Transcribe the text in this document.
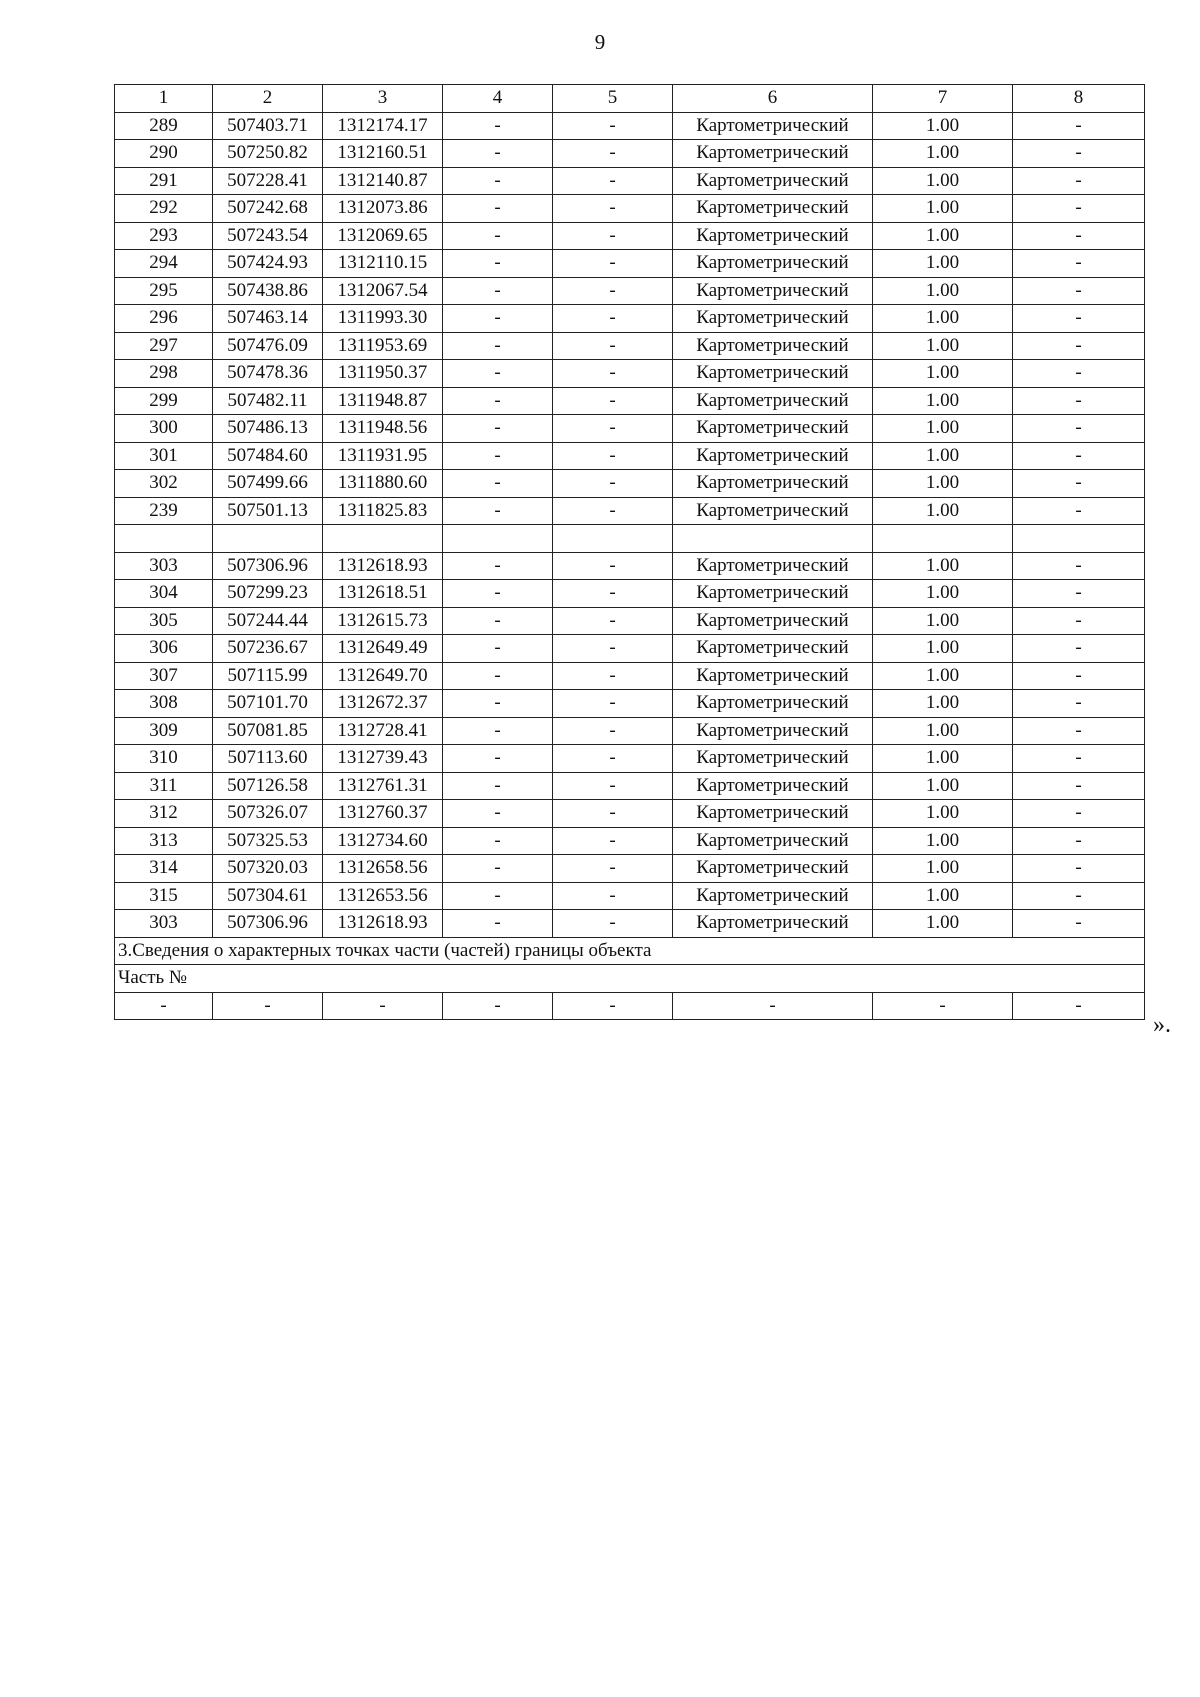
9
1	2	3	4	5	6	7	8
289	507403.71	1312174.17	-	-	Картометрический	1.00	-
290	507250.82	1312160.51	-	-	Картометрический	1.00	-
291	507228.41	1312140.87	-	-	Картометрический	1.00	-
292	507242.68	1312073.86	-	-	Картометрический	1.00	-
293	507243.54	1312069.65	-	-	Картометрический	1.00	-
294	507424.93	1312110.15	-	-	Картометрический	1.00	-
295	507438.86	1312067.54	-	-	Картометрический	1.00	-
296	507463.14	1311993.30	-	-	Картометрический	1.00	-
297	507476.09	1311953.69	-	-	Картометрический	1.00	-
298	507478.36	1311950.37	-	-	Картометрический	1.00	-
299	507482.11	1311948.87	-	-	Картометрический	1.00	-
300	507486.13	1311948.56	-	-	Картометрический	1.00	-
301	507484.60	1311931.95	-	-	Картометрический	1.00	-
302	507499.66	1311880.60	-	-	Картометрический	1.00	-
239	507501.13	1311825.83	-	-	Картометрический	1.00	-

303	507306.96	1312618.93	-	-	Картометрический	1.00	-
304	507299.23	1312618.51	-	-	Картометрический	1.00	-
305	507244.44	1312615.73	-	-	Картометрический	1.00	-
306	507236.67	1312649.49	-	-	Картометрический	1.00	-
307	507115.99	1312649.70	-	-	Картометрический	1.00	-
308	507101.70	1312672.37	-	-	Картометрический	1.00	-
309	507081.85	1312728.41	-	-	Картометрический	1.00	-
310	507113.60	1312739.43	-	-	Картометрический	1.00	-
311	507126.58	1312761.31	-	-	Картометрический	1.00	-
312	507326.07	1312760.37	-	-	Картометрический	1.00	-
313	507325.53	1312734.60	-	-	Картометрический	1.00	-
314	507320.03	1312658.56	-	-	Картометрический	1.00	-
315	507304.61	1312653.56	-	-	Картометрический	1.00	-
303	507306.96	1312618.93	-	-	Картометрический	1.00	-
3.Сведения о характерных точках части (частей) границы объекта							
Часть №							
-	-	-	-	-	-	-	-
».
